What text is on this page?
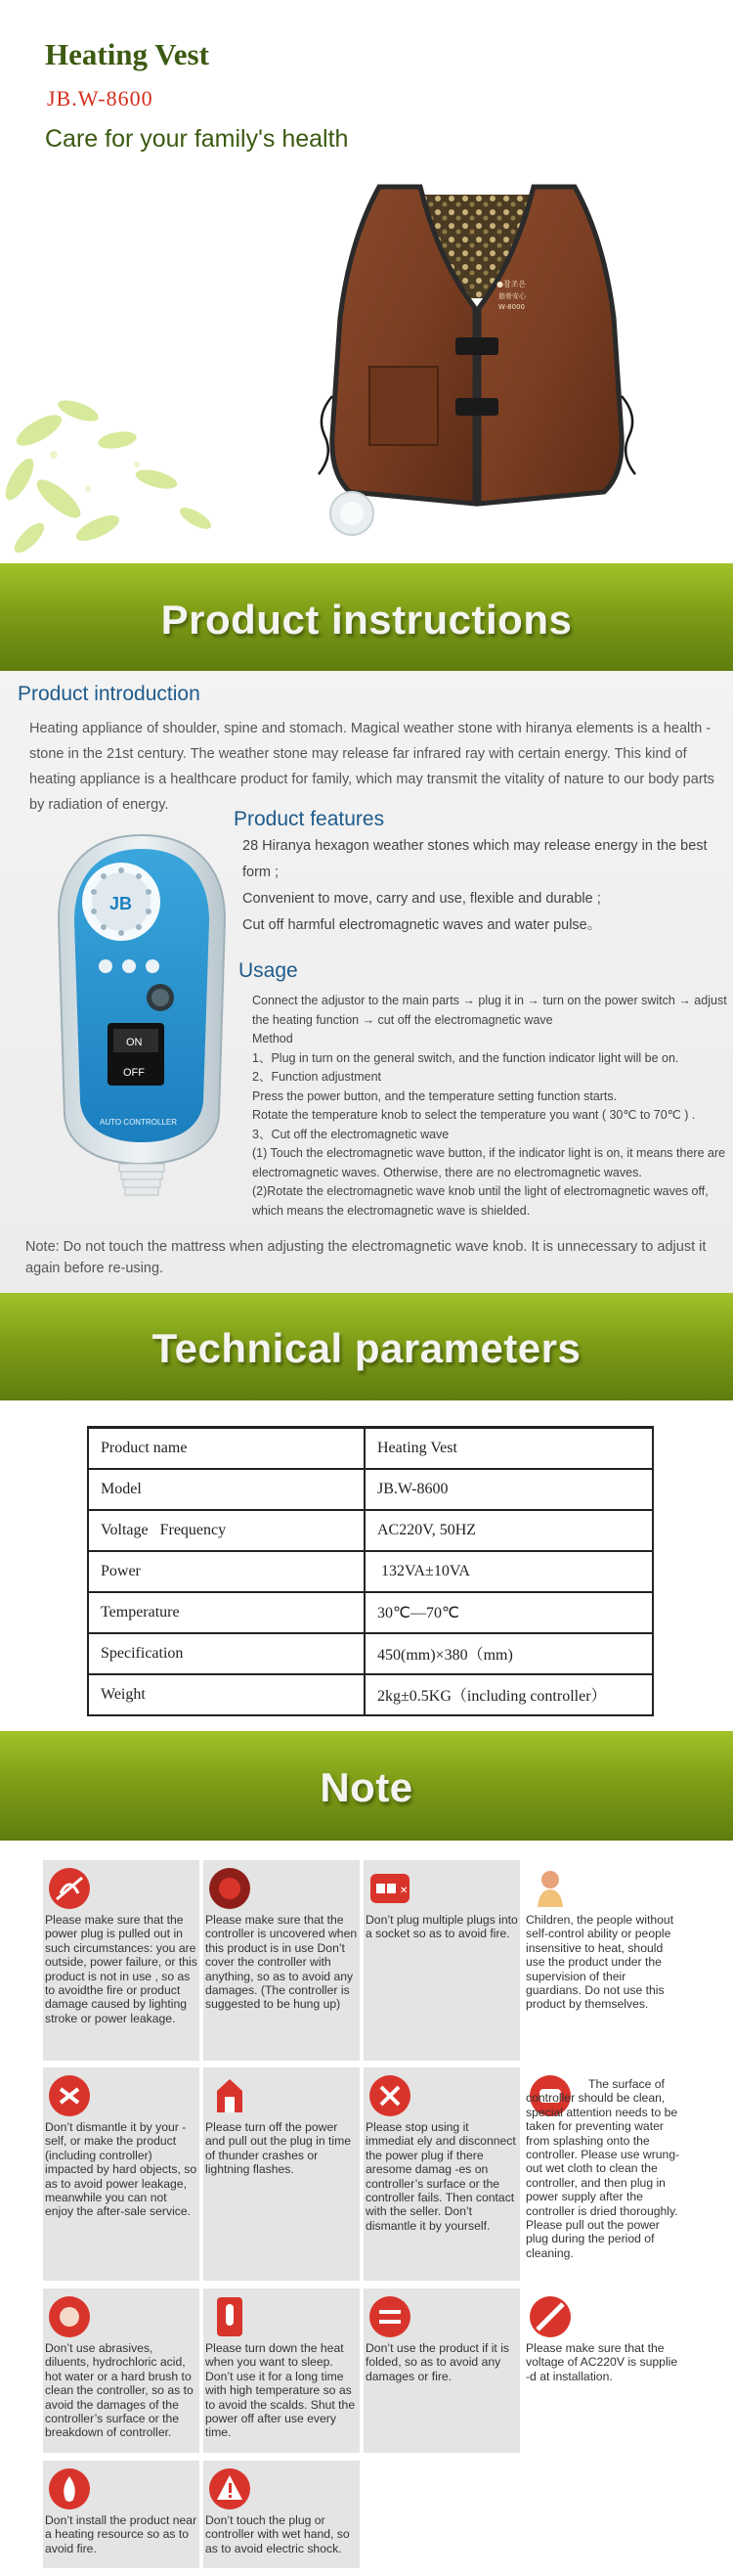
Heating Vest
JB.W-8600
Care for your family's health
●참조은
筋骨安心
W-8000
Product instructions
Product introduction
Heating appliance of shoulder, spine and stomach. Magical weather stone with hiranya elements is a health -stone in the 21st century. The weather stone may release far infrared ray with certain energy. This kind of heating appliance is a healthcare product for family, which may transmit the vitality of nature to our body parts by radiation of energy.
Product features
28 Hiranya hexagon weather stones which may release energy in the best form ;
Convenient to move, carry and use, flexible and durable ;
Cut off harmful electromagnetic waves and water pulse。
Usage
Connect the adjustor to the main parts → plug it in → turn on the power switch → adjust the heating function → cut off the electromagnetic wave
Method
1、Plug in turn on the general switch, and the function indicator light will be on.
2、Function adjustment
Press the power button, and the temperature setting function starts.
Rotate the temperature knob to select the temperature you want ( 30℃ to 70℃ ) .
3、Cut off the electromagnetic wave
(1) Touch the electromagnetic wave button, if the indicator light is on, it means there are electromagnetic waves. Otherwise, there are no electromagnetic waves.
(2)Rotate the electromagnetic wave knob until the light of electromagnetic waves off, which means the electromagnetic wave is shielded.
JB
ON
OFF
AUTO CONTROLLER
Note: Do not touch the mattress when adjusting the electromagnetic wave knob. It is unnecessary to adjust it again before re-using.
Technical parameters
Product name	Heating Vest
Model	JB.W-8600
Voltage   Frequency	AC220V, 50HZ
Power	132VA±10VA
Temperature	30℃—70℃
Specification	450(mm)×380（mm)
Weight	2kg±0.5KG（including controller）
Note
Please make sure that the power plug is pulled out in such circumstances: you are outside, power failure, or this product is not in use , so as to avoidthe fire or product damage caused by lighting stroke or power leakage.
Please make sure that the controller is uncovered when this product is in use Don’t cover the controller with anything, so as to avoid any damages. (The controller is suggested to be hung up)
✕
Don’t plug multiple plugs into a socket so as to avoid fire.
Children, the people without self-control ability or people insensitive to heat, should use the product under the supervision of their guardians. Do not use this product by themselves.
Don’t dismantle it by your -self, or make the product (including controller) impacted by hard objects, so as to avoid power leakage, meanwhile you can not enjoy the after-sale service.
Please turn off the power and pull out the plug in time of thunder crashes or lightning flashes.
Please stop using it immediat ely and disconnect the power plug if there aresome damag -es on controller’s surface or the controller fails. Then contact with the seller. Don’t dismantle it by yourself.
The surface of controller should be clean, special attention needs to be taken for preventing water from splashing onto the controller. Please use wrung-out wet cloth to clean the controller, and then plug in power supply after the controller is dried thoroughly. Please pull out the power plug during the period of cleaning.
Don’t use abrasives, diluents, hydrochloric acid, hot water or a hard brush to clean the controller, so as to avoid the damages of the controller’s surface or the breakdown of controller.
Please turn down the heat when you want to sleep. Don’t use it for a long time with high temperature so as to avoid the scalds. Shut the power off after use every time.
Don’t use the product if it is folded, so as to avoid any damages or fire.
Please make sure that the voltage of AC220V is supplie -d at installation.
Don’t install the product near a heating resource so as to avoid fire.
Don’t touch the plug or controller with wet hand, so as to avoid electric shock.
